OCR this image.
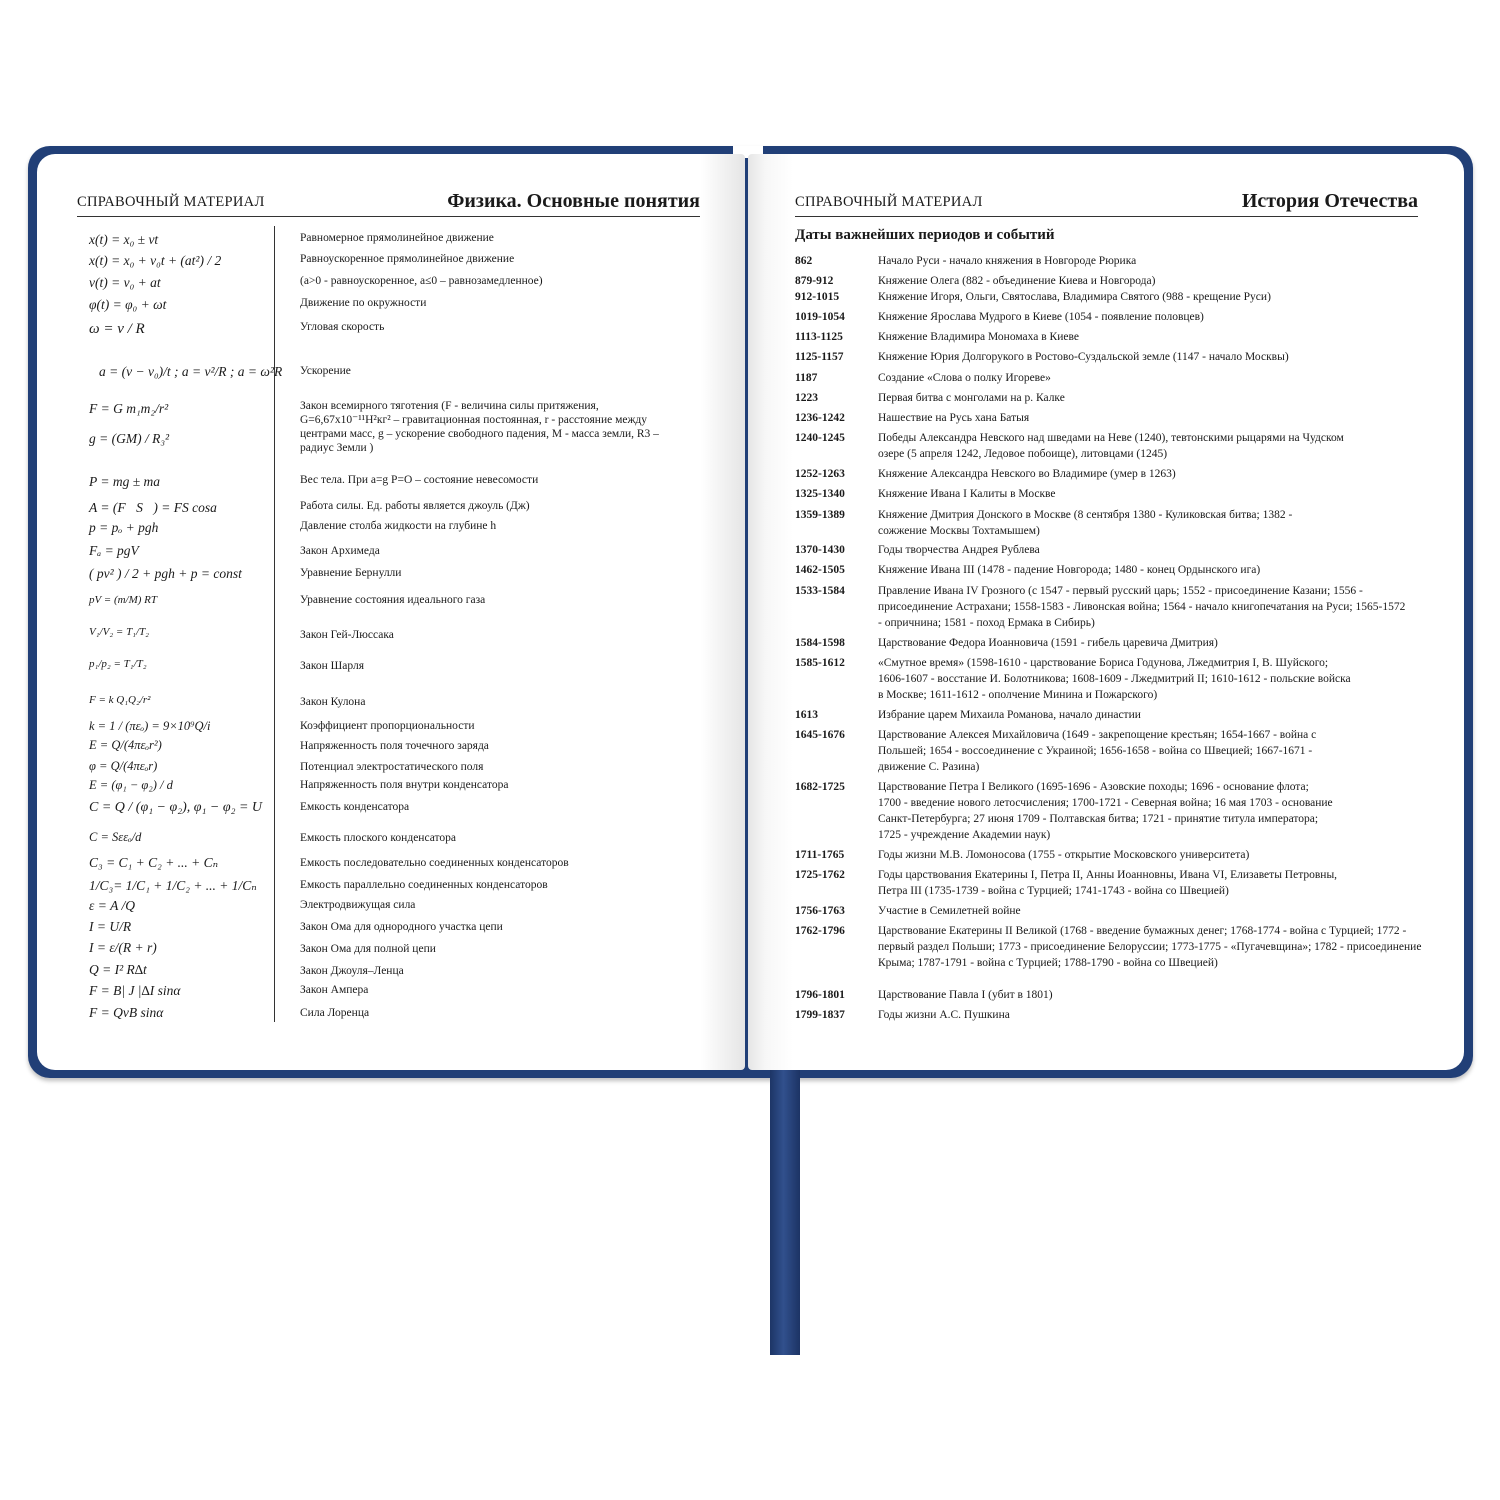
СПРАВОЧНЫЙ МАТЕРИАЛ	Физика. Основные понятия
x(t) = x₀ ± vt	Равномерное прямолинейное движение
x(t) = x₀ + v₀t + (at²) / 2	Равноускоренное прямолинейное движение
v(t) = v₀ + at	(a>0 - равноускоренное, a≤0 – равнозамедленное)
φ(t) = φ₀ + ωt	Движение по окружности
ω = v / R	Угловая скорость
a = (v − v₀)/t ; a = v²/R ; a = ω²R Ускорение
F = G m₁m₂/r²	Закон всемирного тяготения (F - величина силы притяжения, G=6,67х10⁻¹¹Н²кг² – гравитационная постоянная, r - расстояние между центрами масс, g – ускорение свободного падения, M - масса земли, R3 – радиус Земли )
g = (GM) / R₃²
P = mg ± ma	Вес тела. При a=g P=O – состояние невесомости
A = (F⃗S⃗) = FS cosa	Работа силы. Ед. работы является джоуль (Дж)
p = pₒ + pgh	Давление столба жидкости на глубине h
Fₐ = pgV	Закон Архимеда
( pv² ) / 2 + pgh + p = const	Уравнение Бернулли
pV = (m/M) RT	Уравнение состояния идеального газа
V₁/V₂ = T₁/T₂	Закон Гей-Люссака
p₁/p₂ = T₁/T₂	Закон Шарля
F = k Q₁Q₂/r²	Закон Кулона
k = 1 / (πεₒ) = 9×10⁹Q/i	Коэффициент пропорциональности
E = Q/(4πεₒr²)	Напряженность поля точечного заряда
φ = Q/(4πεₒr)	Потенциал электростатического поля
E = (φ₁ − φ₂) / d	Напряженность поля внутри конденсатора
C = Q / (φ₁ − φ₂), φ₁ − φ₂ = U	Емкость конденсатора
C = Sεεₒ/d	Емкость плоского конденсатора
C₃ = C₁ + C₂ + ... + Cₙ	Емкость последовательно соединенных конденсаторов
1/C₃= 1/C₁ + 1/C₂ + ... + 1/Cₙ	Емкость параллельно соединенных конденсаторов
ε = A /Q	Электродвижущая сила
I = U/R	Закон Ома для однородного участка цепи
I = ε/(R + r)	Закон Ома для полной цепи
Q = I² R∆t	Закон Джоуля–Ленца
F = B| J |∆I sinα	Закон Ампера
F = QvB sinα	Сила Лоренца
СПРАВОЧНЫЙ МАТЕРИАЛ	История Отечества
Даты важнейших периодов и событий
862	Начало Руси - начало княжения в Новгороде Рюрика
879-912	Княжение Олега (882 - объединение Киева и Новгорода)
912-1015	Княжение Игоря, Ольги, Святослава, Владимира Святого (988 - крещение Руси)
1019-1054	Княжение Ярослава Мудрого в Киеве (1054 - появление половцев)
1113-1125	Княжение Владимира Мономаха в Киеве
1125-1157	Княжение Юрия Долгорукого в Ростово-Суздальской земле (1147 - начало Москвы)
1187	Создание «Слова о полку Игореве»
1223	Первая битва с монголами на р. Калке
1236-1242	Нашествие на Русь хана Батыя
1240-1245	Победы Александра Невского над шведами на Неве (1240), тевтонскими рыцарями на Чудском озере (5 апреля 1242, Ледовое побоище), литовцами (1245)
1252-1263	Княжение Александра Невского во Владимире (умер в 1263)
1325-1340	Княжение Ивана I Калиты в Москве
1359-1389	Княжение Дмитрия Донского в Москве (8 сентября 1380 - Куликовская битва; 1382 - сожжение Москвы Тохтамышем)
1370-1430	Годы творчества Андрея Рублева
1462-1505	Княжение Ивана III (1478 - падение Новгорода; 1480 - конец Ордынского ига)
1533-1584	Правление Ивана IV Грозного (с 1547 - первый русский царь; 1552 - присоединение Казани; 1556 - присоединение Астрахани; 1558-1583 - Ливонская война; 1564 - начало книгопечатания на Руси; 1565-1572 - опричнина; 1581 - поход Ермака в Сибирь)
1584-1598	Царствование Федора Иоанновича (1591 - гибель царевича Дмитрия)
1585-1612	«Смутное время» (1598-1610 - царствование Бориса Годунова, Лжедмитрия I, В. Шуйского; 1606-1607 - восстание И. Болотникова; 1608-1609 - Лжедмитрий II; 1610-1612 - польские войска в Москве; 1611-1612 - ополчение Минина и Пожарского)
1613	Избрание царем Михаила Романова, начало династии
1645-1676	Царствование Алексея Михайловича (1649 - закрепощение крестьян; 1654-1667 - война с Польшей; 1654 - воссоединение с Украиной; 1656-1658 - война со Швецией; 1667-1671 - движение С. Разина)
1682-1725	Царствование Петра I Великого (1695-1696 - Азовские походы; 1696 - основание флота; 1700 - введение нового летосчисления; 1700-1721 - Северная война; 16 мая 1703 - основание Санкт-Петербурга; 27 июня 1709 - Полтавская битва; 1721 - принятие титула императора; 1725 - учреждение Академии наук)
1711-1765	Годы жизни М.В. Ломоносова (1755 - открытие Московского университета)
1725-1762	Годы царствования Екатерины I, Петра II, Анны Иоанновны, Ивана VI, Елизаветы Петровны, Петра III (1735-1739 - война с Турцией; 1741-1743 - война со Швецией)
1756-1763	Участие в Семилетней войне
1762-1796	Царствование Екатерины II Великой (1768 - введение бумажных денег; 1768-1774 - война с Турцией; 1772 - первый раздел Польши; 1773 - присоединение Белоруссии; 1773-1775 - «Пугачевщина»; 1782 - присоединение Крыма; 1787-1791 - война с Турцией; 1788-1790 - война со Швецией)
1796-1801	Царствование Павла I (убит в 1801)
1799-1837	Годы жизни А.С. Пушкина
